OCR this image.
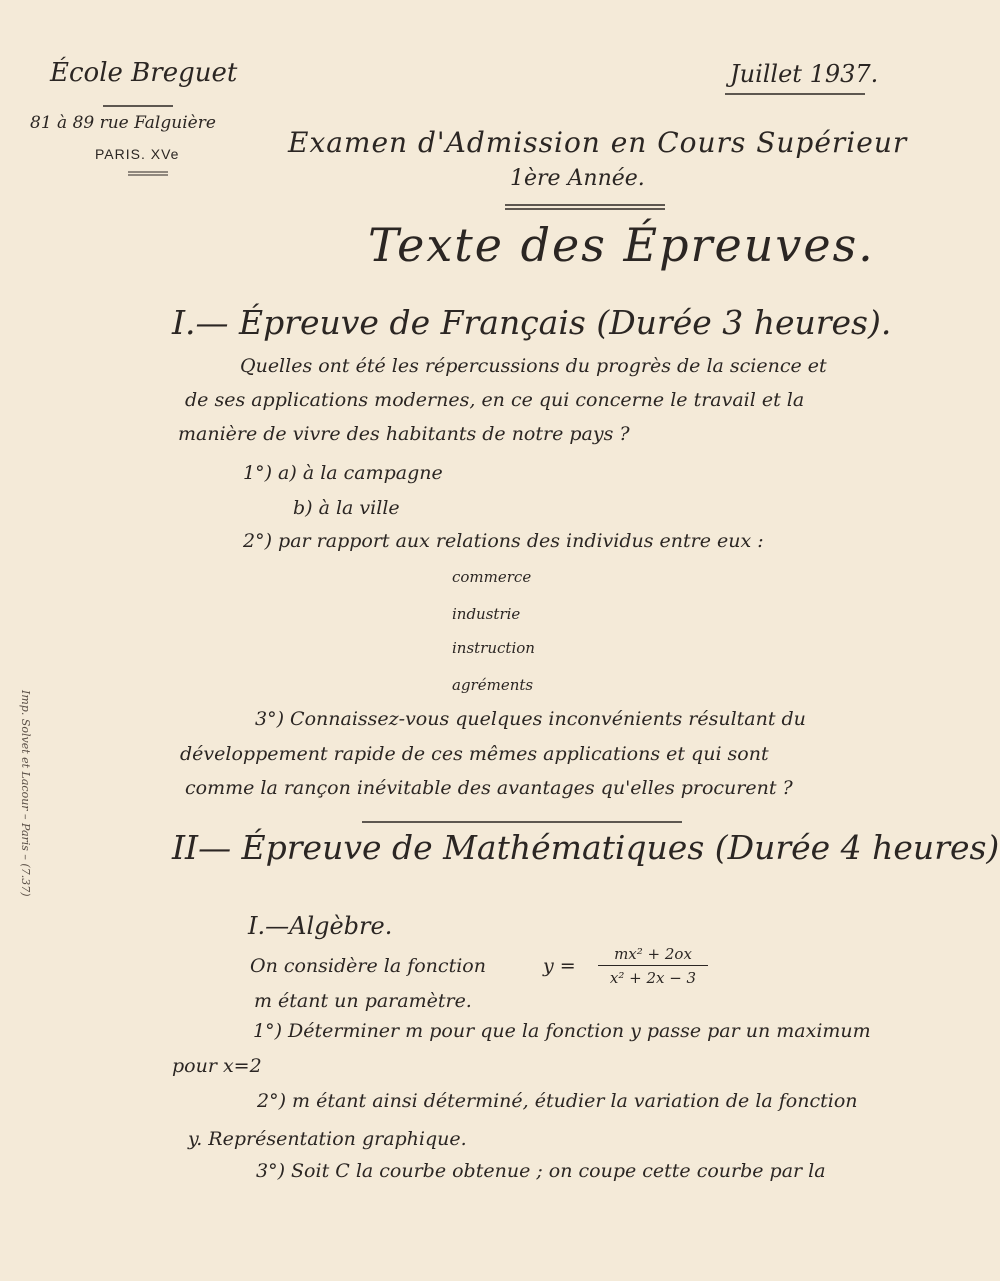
École Breguet
81 à 89 rue Falguière
PARIS. XVe
Juillet 1937.
Examen d'Admission en Cours Supérieur
1ère Année.
Texte des Épreuves.
I.— Épreuve de Français (Durée 3 heures).
Quelles ont été les répercussions du progrès de la science et
de ses applications modernes, en ce qui concerne le travail et la
manière de vivre des habitants de notre pays ?
1°) a) à la campagne
b) à la ville
2°) par rapport aux relations des individus entre eux :
commerce
industrie
instruction
agréments
3°) Connaissez-vous quelques inconvénients résultant du
développement rapide de ces mêmes applications et qui sont
comme la rançon inévitable des avantages qu'elles procurent ?
II— Épreuve de Mathématiques (Durée 4 heures)
I.—Algèbre.
On considère la fonction	$y = \frac{\text{mx² + 2ox}}{\text{x² + 2x − 3}}$
m étant un paramètre.
1°) Déterminer m pour que la fonction y passe par un maximum
pour x=2
2°) m étant ainsi déterminé, étudier la variation de la fonction
y. Représentation graphique.
3°) Soit C la courbe obtenue ; on coupe cette courbe par la
Imp. Solvet et Lacour – Paris – (7.37)
